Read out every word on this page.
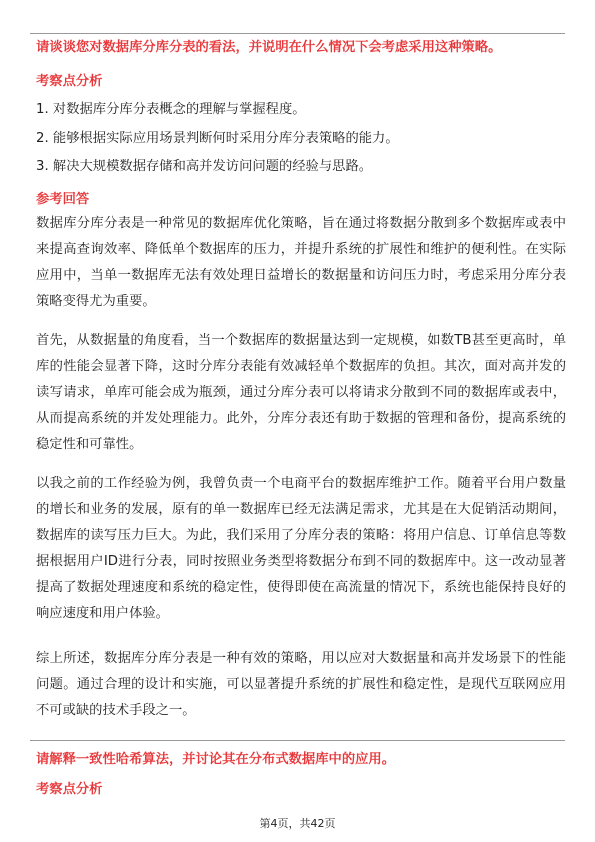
请谈谈您对数据库分库分表的看法，并说明在什么情况下会考虑采用这种策略。
考察点分析
1. 对数据库分库分表概念的理解与掌握程度。
2. 能够根据实际应用场景判断何时采用分库分表策略的能力。
3. 解决大规模数据存储和高并发访问问题的经验与思路。
参考回答

数据库分库分表是一种常见的数据库优化策略，旨在通过将数据分散到多个数据库或表中来提高查询效率、降低单个数据库的压力，并提升系统的扩展性和维护的便利性。在实际应用中，当单一数据库无法有效处理日益增长的数据量和访问压力时，考虑采用分库分表策略变得尤为重要。

首先，从数据量的角度看，当一个数据库的数据量达到一定规模，如数TB甚至更高时，单库的性能会显著下降，这时分库分表能有效减轻单个数据库的负担。其次，面对高并发的读写请求，单库可能会成为瓶颈，通过分库分表可以将请求分散到不同的数据库或表中，从而提高系统的并发处理能力。此外，分库分表还有助于数据的管理和备份，提高系统的稳定性和可靠性。

以我之前的工作经验为例，我曾负责一个电商平台的数据库维护工作。随着平台用户数量的增长和业务的发展，原有的单一数据库已经无法满足需求，尤其是在大促销活动期间，数据库的读写压力巨大。为此，我们采用了分库分表的策略：将用户信息、订单信息等数据根据用户ID进行分表，同时按照业务类型将数据分布到不同的数据库中。这一改动显著提高了数据处理速度和系统的稳定性，使得即使在高流量的情况下，系统也能保持良好的响应速度和用户体验。

综上所述，数据库分库分表是一种有效的策略，用以应对大数据量和高并发场景下的性能问题。通过合理的设计和实施，可以显著提升系统的扩展性和稳定性，是现代互联网应用不可或缺的技术手段之一。

请解释一致性哈希算法，并讨论其在分布式数据库中的应用。
考察点分析
第4页，共42页
